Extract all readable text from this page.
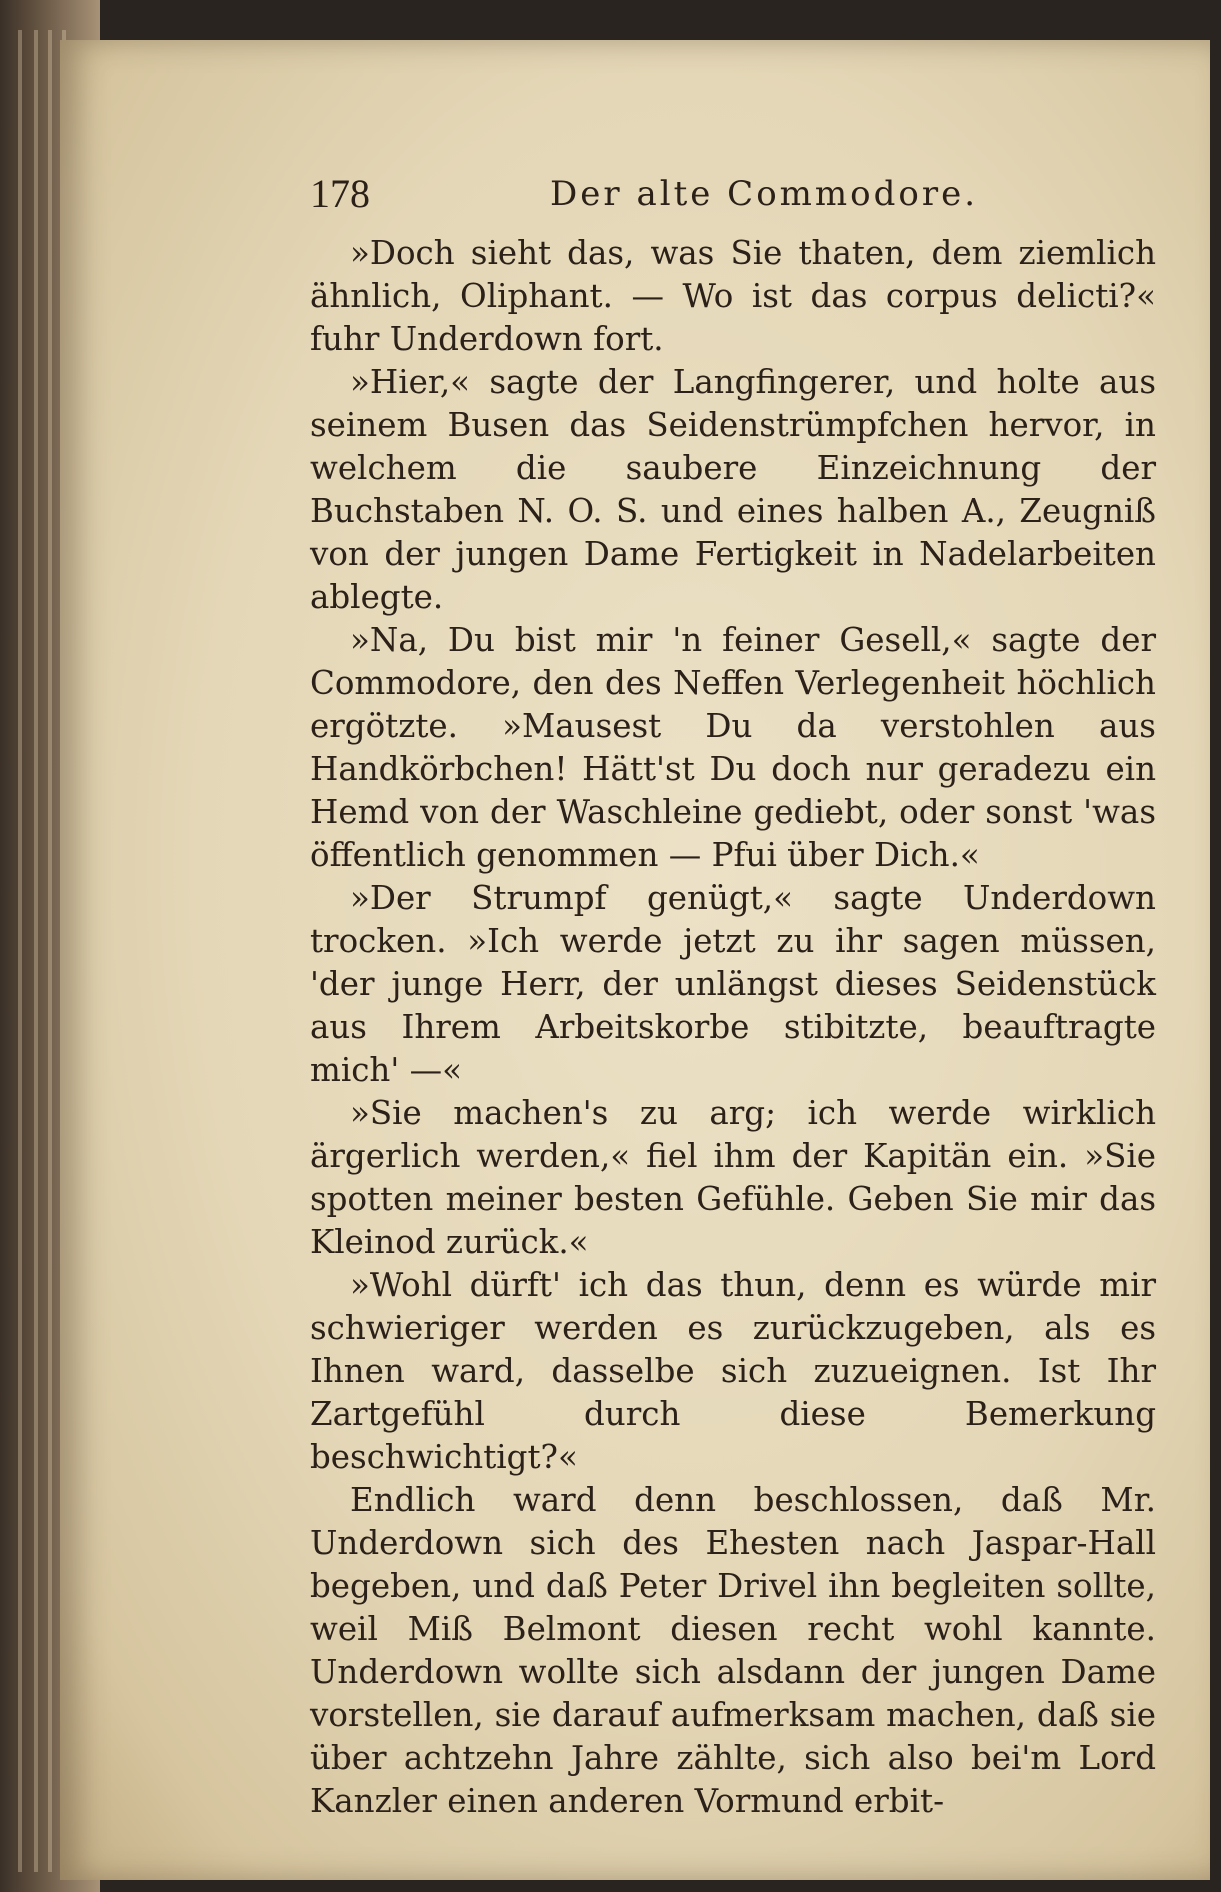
178	Der alte Commodore.

»Doch sieht das, was Sie thaten, dem ziemlich ähnlich, Oliphant. — Wo ist das corpus delicti?« fuhr Underdown fort.

»Hier,« sagte der Langfingerer, und holte aus seinem Busen das Seidenstrümpfchen hervor, in welchem die saubere Einzeichnung der Buchstaben N. O. S. und eines halben A., Zeugniß von der jungen Dame Fertigkeit in Nadelarbeiten ablegte.

»Na, Du bist mir 'n feiner Gesell,« sagte der Commodore, den des Neffen Verlegenheit höchlich ergötzte. »Mausest Du da verstohlen aus Handkörbchen! Hätt'st Du doch nur geradezu ein Hemd von der Waschleine gediebt, oder sonst 'was öffentlich genommen — Pfui über Dich.«

»Der Strumpf genügt,« sagte Underdown trocken. »Ich werde jetzt zu ihr sagen müssen, 'der junge Herr, der unlängst dieses Seidenstück aus Ihrem Arbeitskorbe stibitzte, beauftragte mich' —«

»Sie machen's zu arg; ich werde wirklich ärgerlich werden,« fiel ihm der Kapitän ein. »Sie spotten meiner besten Gefühle. Geben Sie mir das Kleinod zurück.«

»Wohl dürft' ich das thun, denn es würde mir schwieriger werden es zurückzugeben, als es Ihnen ward, dasselbe sich zuzueignen. Ist Ihr Zartgefühl durch diese Bemerkung beschwichtigt?«

Endlich ward denn beschlossen, daß Mr. Underdown sich des Ehesten nach Jaspar-Hall begeben, und daß Peter Drivel ihn begleiten sollte, weil Miß Belmont diesen recht wohl kannte. Underdown wollte sich alsdann der jungen Dame vorstellen, sie darauf aufmerksam machen, daß sie über achtzehn Jahre zählte, sich also bei'm Lord Kanzler einen anderen Vormund erbit-
